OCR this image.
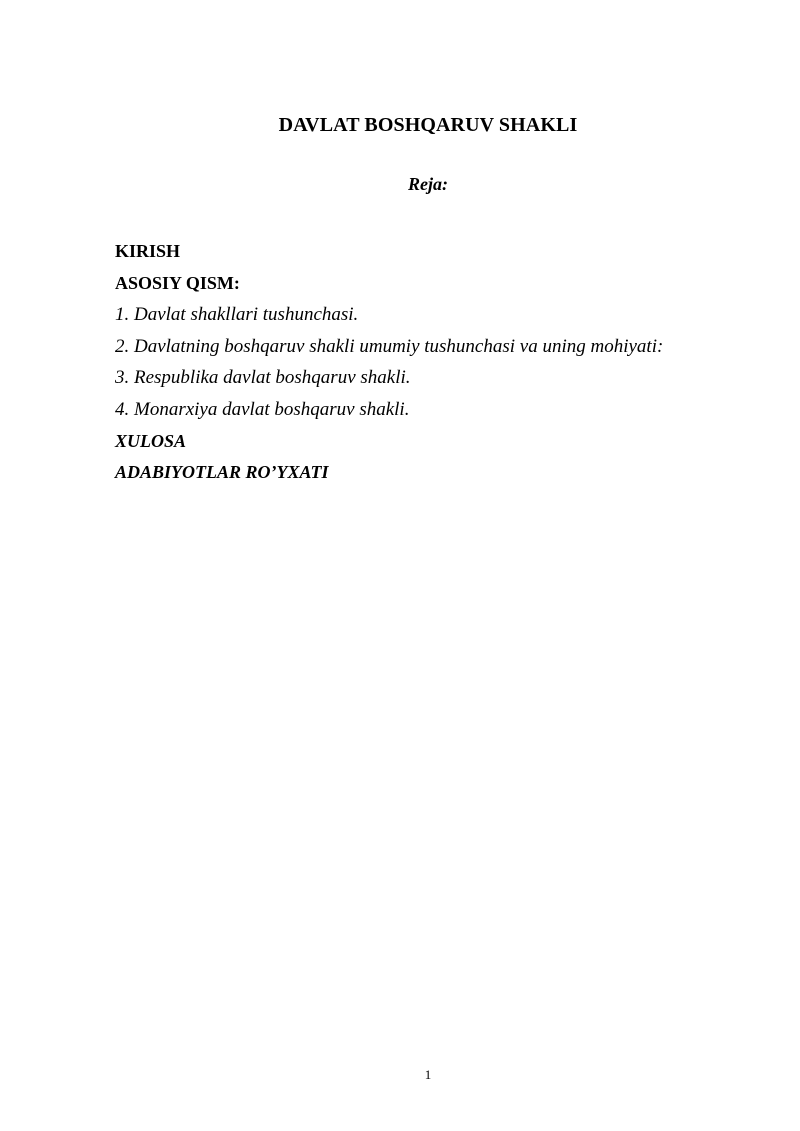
DAVLAT BOSHQARUV SHAKLI
Reja:
KIRISH
ASOSIY QISM:
1. Davlat shakllari tushunchasi.
2. Davlatning boshqaruv shakli umumiy tushunchasi va uning mohiyati:
3. Respublika davlat boshqaruv shakli.
4. Monarxiya davlat boshqaruv shakli.
XULOSA
ADABIYOTLAR RO’YXATI
1
